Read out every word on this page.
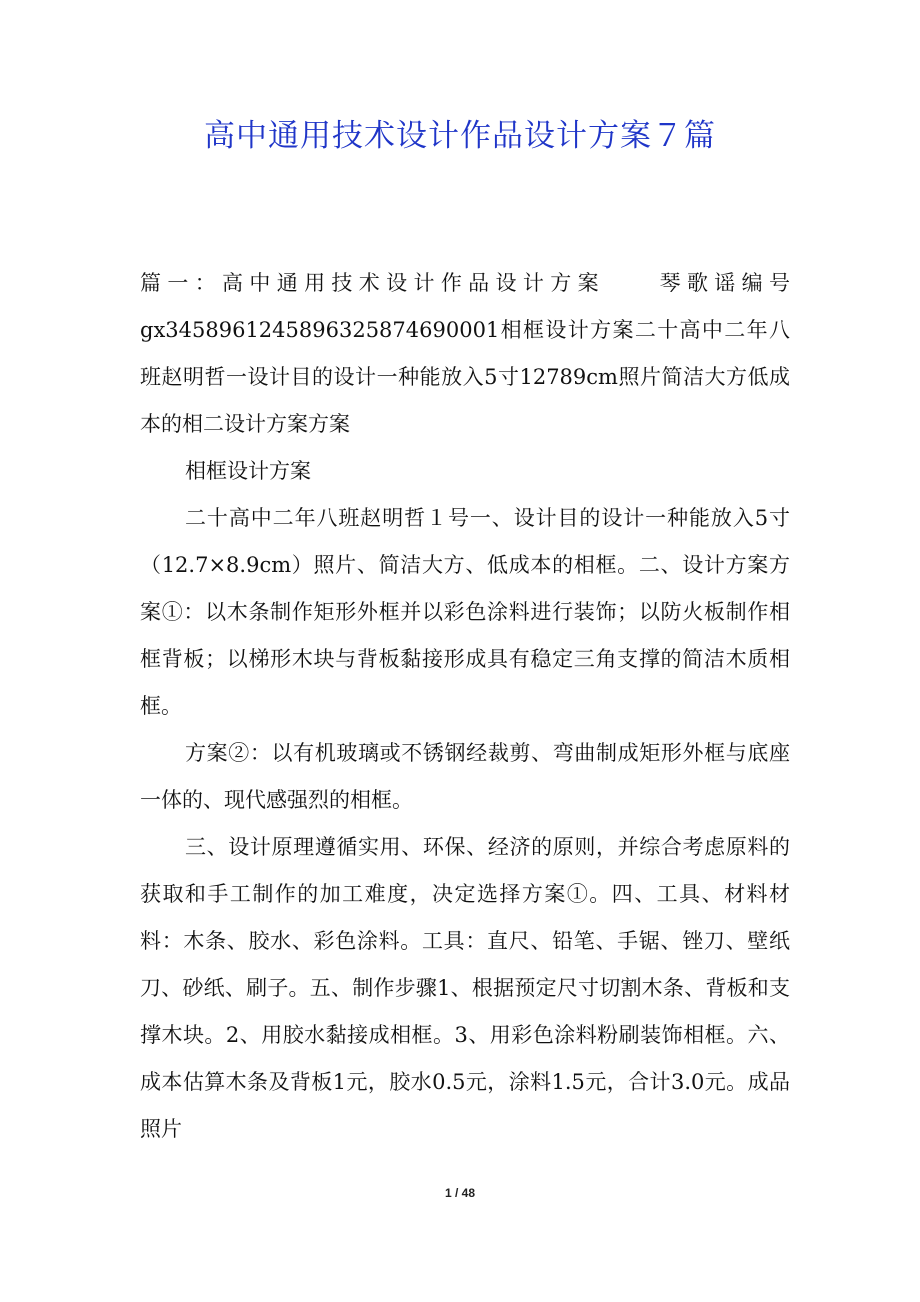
高中通用技术设计作品设计方案７篇

篇一：高中通用技术设计作品设计方案　　琴歌谣编号gx345896124589632587469000​1相框设计方案二十高中二年八班赵明哲一设计目的设计一种能放入5寸12789cm照片简洁大方低成本的相二设计方案方案

相框设计方案

二十高中二年八班赵明哲１号一、设计目的设计一种能放入5寸（12.7×8.9cm）照片、简洁大方、低成本的相框。二、设计方案方案①：以木条制作矩形外框并以彩色涂料进行装饰；以防火板制作相框背板；以梯形木块与背板黏接形成具有稳定三角支撑的简洁木质相框。

方案②：以有机玻璃或不锈钢经裁剪、弯曲制成矩形外框与底座一体的、现代感强烈的相框。

三、设计原理遵循实用、环保、经济的原则，并综合考虑原料的获取和手工制作的加工难度，决定选择方案①。四、工具、材料材料：木条、胶水、彩色涂料。工具：直尺、铅笔、手锯、锉刀、壁纸刀、砂纸、刷子。五、制作步骤1、根据预定尺寸切割木条、背板和支撑木块。2、用胶水黏接成相框。3、用彩色涂料粉刷装饰相框。六、成本估算木条及背板1元，胶水0.5元，涂料1.5元，合计3.0元。成品照片

1 / 48
